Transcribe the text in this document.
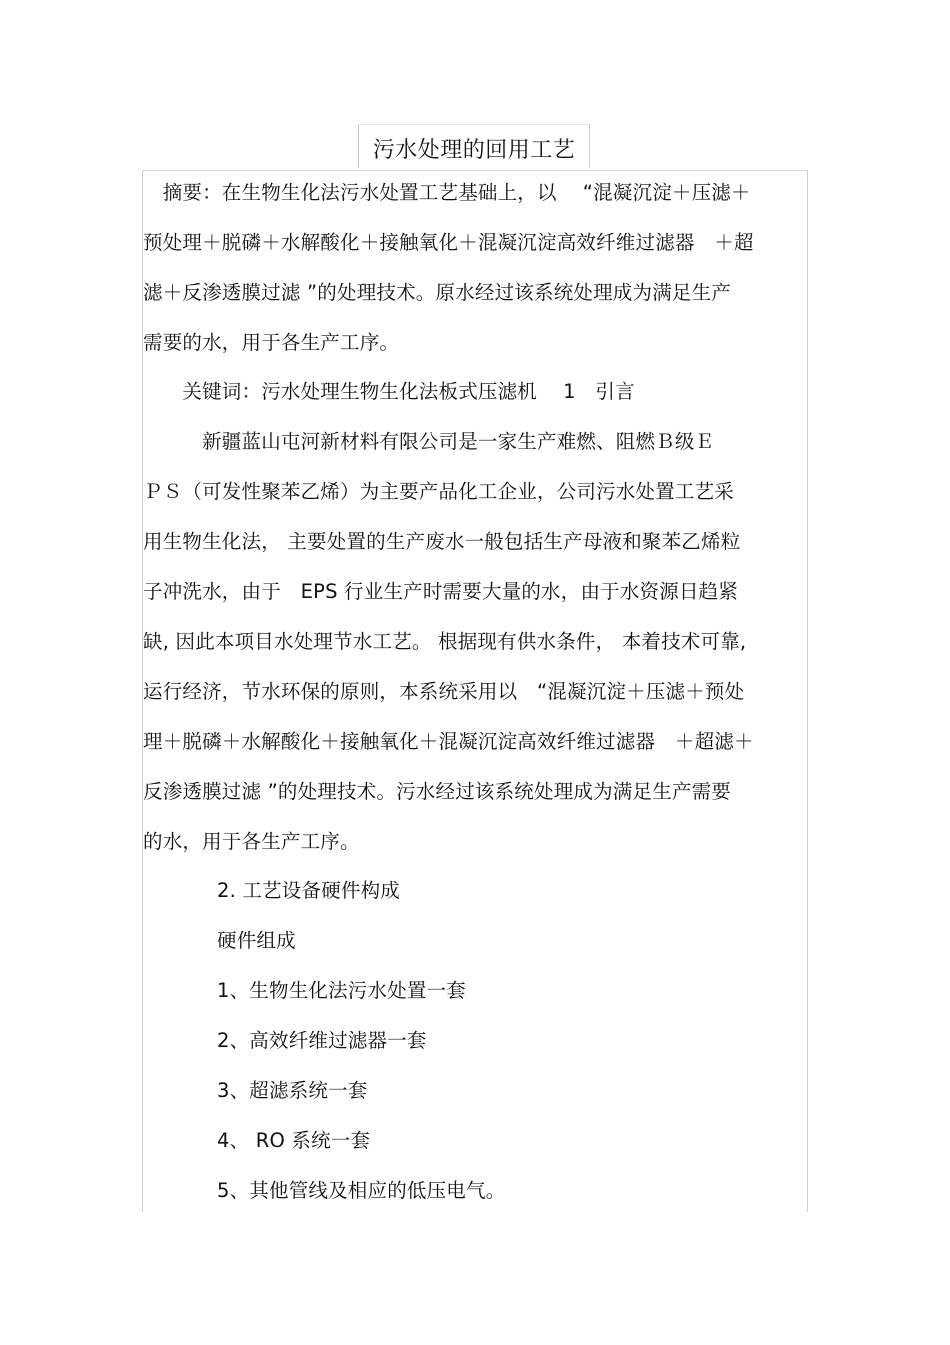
污水处理的回用工艺
　摘要：在生物生化法污水处置工艺基础上，以　 “混凝沉淀＋压滤＋
预处理＋脱磷＋水解酸化＋接触氧化＋混凝沉淀高效纤维过滤器　＋超
滤＋反渗透膜过滤 ”的处理技术。原水经过该系统处理成为满足生产
需要的水，用于各生产工序。
　　关键词：污水处理生物生化法板式压滤机　 1　引言
　　　新疆蓝山屯河新材料有限公司是一家生产难燃、阻燃Ｂ级Ｅ
ＰＳ（可发性聚苯乙烯）为主要产品化工企业，公司污水处置工艺采
用生物生化法， 主要处置的生产废水一般包括生产母液和聚苯乙烯粒
子冲洗水，由于　EPS 行业生产时需要大量的水，由于水资源日趋紧
缺, 因此本项目水处理节水工艺。 根据现有供水条件， 本着技术可靠,
运行经济，节水环保的原则，本系统采用以　“混凝沉淀＋压滤＋预处
理＋脱磷＋水解酸化＋接触氧化＋混凝沉淀高效纤维过滤器　＋超滤＋
反渗透膜过滤 ”的处理技术。污水经过该系统处理成为满足生产需要
的水，用于各生产工序。
2. 工艺设备硬件构成
硬件组成
1、生物生化法污水处置一套
2、高效纤维过滤器一套
3、超滤系统一套
4、 RO 系统一套
5、其他管线及相应的低压电气。
